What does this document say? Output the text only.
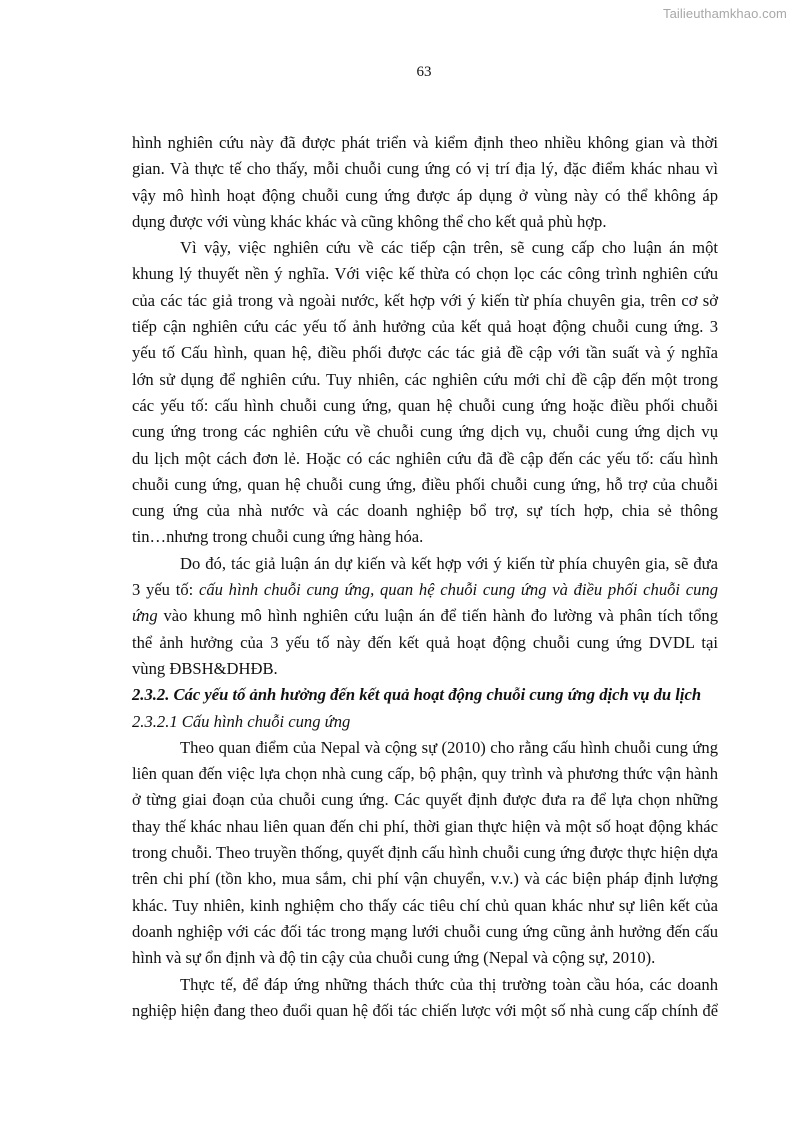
Tailieuthamkhao.com
63
hình nghiên cứu này đã được phát triển và kiểm định theo nhiều không gian và thời
gian. Và thực tế cho thấy, mỗi chuỗi cung ứng có vị trí địa lý, đặc điểm khác nhau vì
vậy mô hình hoạt động chuỗi cung ứng được áp dụng ở vùng này có thể không áp
dụng được với vùng khác khác và cũng không thể cho kết quả phù hợp.
Vì vậy, việc nghiên cứu về các tiếp cận trên, sẽ cung cấp cho luận án một
khung lý thuyết nền ý nghĩa. Với việc kế thừa có chọn lọc các công trình nghiên cứu
của các tác giả trong và ngoài nước, kết hợp với ý kiến từ phía chuyên gia, trên cơ sở
tiếp cận nghiên cứu các yếu tố ảnh hưởng của kết quả hoạt động chuỗi cung ứng. 3
yếu tố Cấu hình, quan hệ, điều phối được các tác giả đề cập với tần suất và ý nghĩa
lớn sử dụng để nghiên cứu. Tuy nhiên, các nghiên cứu mới chỉ đề cập đến một trong
các yếu tố: cấu hình chuỗi cung ứng, quan hệ chuỗi cung ứng hoặc điều phối chuỗi
cung ứng trong các nghiên cứu về chuỗi cung ứng dịch vụ, chuỗi cung ứng dịch vụ
du lịch một cách đơn lẻ. Hoặc có các nghiên cứu đã đề cập đến các yếu tố: cấu hình
chuỗi cung ứng, quan hệ chuỗi cung ứng, điều phối chuỗi cung ứng, hỗ trợ của chuỗi
cung ứng của nhà nước và các doanh nghiệp bổ trợ, sự tích hợp, chia sẻ thông
tin…nhưng trong chuỗi cung ứng hàng hóa.
Do đó, tác giả luận án dự kiến và kết hợp với ý kiến từ phía chuyên gia, sẽ đưa
3 yếu tố: cấu hình chuỗi cung ứng, quan hệ chuỗi cung ứng và điều phối chuỗi cung
ứng vào khung mô hình nghiên cứu luận án để tiến hành đo lường và phân tích tổng
thể ảnh hưởng của 3 yếu tố này đến kết quả hoạt động chuỗi cung ứng DVDL tại
vùng ĐBSH&DHĐB.
2.3.2. Các yếu tố ảnh hưởng đến kết quả hoạt động chuỗi cung ứng dịch vụ du lịch
2.3.2.1 Cấu hình chuỗi cung ứng
Theo quan điểm của Nepal và cộng sự (2010) cho rằng cấu hình chuỗi cung ứng
liên quan đến việc lựa chọn nhà cung cấp, bộ phận, quy trình và phương thức vận hành
ở từng giai đoạn của chuỗi cung ứng. Các quyết định được đưa ra để lựa chọn những
thay thế khác nhau liên quan đến chi phí, thời gian thực hiện và một số hoạt động khác
trong chuỗi. Theo truyền thống, quyết định cấu hình chuỗi cung ứng được thực hiện dựa
trên chi phí (tồn kho, mua sắm, chi phí vận chuyển, v.v.) và các biện pháp định lượng
khác. Tuy nhiên, kinh nghiệm cho thấy các tiêu chí chủ quan khác như sự liên kết của
doanh nghiệp với các đối tác trong mạng lưới chuỗi cung ứng cũng ảnh hưởng đến cấu
hình và sự ổn định và độ tin cậy của chuỗi cung ứng (Nepal và cộng sự, 2010).
Thực tế, để đáp ứng những thách thức của thị trường toàn cầu hóa, các doanh
nghiệp hiện đang theo đuổi quan hệ đối tác chiến lược với một số nhà cung cấp chính để
